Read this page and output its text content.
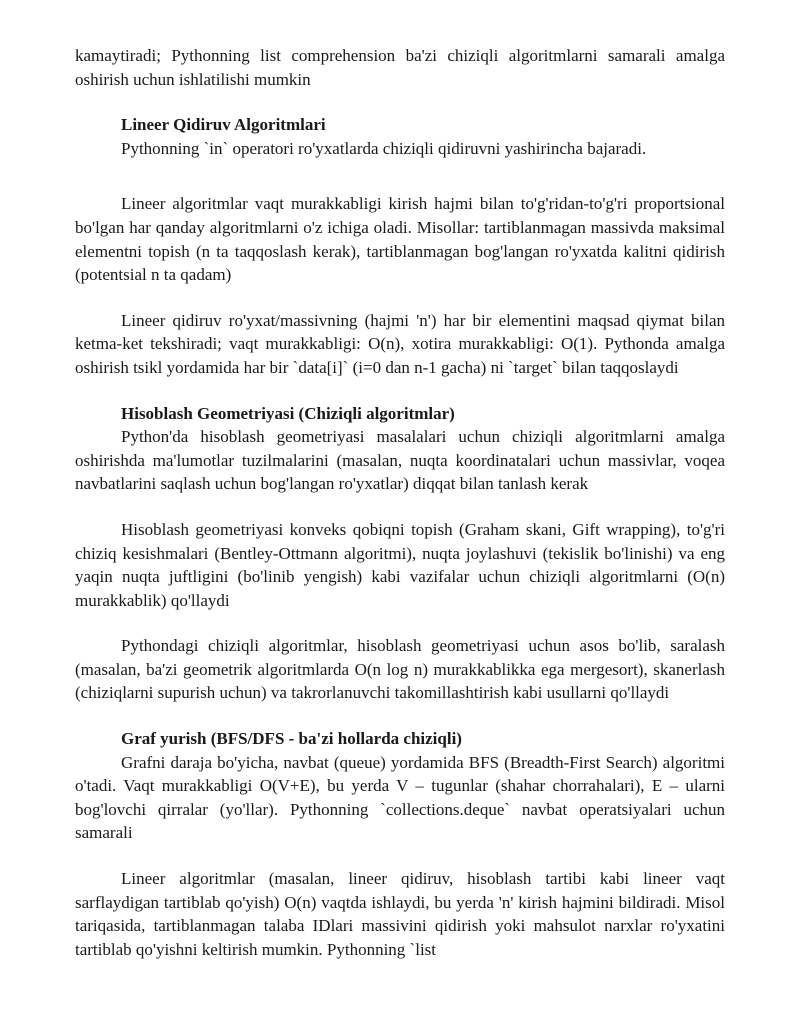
kamaytiradi; Pythonning list comprehension ba'zi chiziqli algoritmlarni samarali amalga oshirish uchun ishlatilishi mumkin

Lineer Qidiruv Algoritmlari

Pythonning `in` operatori ro'yxatlarda chiziqli qidiruvni yashirincha bajaradi.

Lineer algoritmlar vaqt murakkabligi kirish hajmi bilan to'g'ridan-to'g'ri proportsional bo'lgan har qanday algoritmlarni o'z ichiga oladi. Misollar: tartiblanmagan massivda maksimal elementni topish (n ta taqqoslash kerak), tartiblanmagan bog'langan ro'yxatda kalitni qidirish (potentsial n ta qadam)

Lineer qidiruv ro'yxat/massivning (hajmi 'n') har bir elementini maqsad qiymat bilan ketma-ket tekshiradi; vaqt murakkabligi: O(n), xotira murakkabligi: O(1). Pythonda amalga oshirish tsikl yordamida har bir `data[i]` (i=0 dan n-1 gacha) ni `target` bilan taqqoslaydi

Hisoblash Geometriyasi (Chiziqli algoritmlar)

Python'da hisoblash geometriyasi masalalari uchun chiziqli algoritmlarni amalga oshirishda ma'lumotlar tuzilmalarini (masalan, nuqta koordinatalari uchun massivlar, voqea navbatlarini saqlash uchun bog'langan ro'yxatlar) diqqat bilan tanlash kerak

Hisoblash geometriyasi konveks qobiqni topish (Graham skani, Gift wrapping), to'g'ri chiziq kesishmalari (Bentley-Ottmann algoritmi), nuqta joylashuvi (tekislik bo'linishi) va eng yaqin nuqta juftligini (bo'linib yengish) kabi vazifalar uchun chiziqli algoritmlarni (O(n) murakkablik) qo'llaydi

Pythondagi chiziqli algoritmlar, hisoblash geometriyasi uchun asos bo'lib, saralash (masalan, ba'zi geometrik algoritmlarda O(n log n) murakkablikka ega mergesort), skanerlash (chiziqlarni supurish uchun) va takrorlanuvchi takomillashtirish kabi usullarni qo'llaydi

Graf yurish (BFS/DFS - ba'zi hollarda chiziqli)

Grafni daraja bo'yicha, navbat (queue) yordamida BFS (Breadth-First Search) algoritmi o'tadi. Vaqt murakkabligi O(V+E), bu yerda V – tugunlar (shahar chorrahalari), E – ularni bog'lovchi qirralar (yo'llar). Pythonning `collections.deque` navbat operatsiyalari uchun samarali

Lineer algoritmlar (masalan, lineer qidiruv, hisoblash tartibi kabi lineer vaqt sarflaydigan tartiblab qo'yish) O(n) vaqtda ishlaydi, bu yerda 'n' kirish hajmini bildiradi. Misol tariqasida, tartiblanmagan talaba IDlari massivini qidirish yoki mahsulot narxlar ro'yxatini tartiblab qo'yishni keltirish mumkin. Pythonning `list
